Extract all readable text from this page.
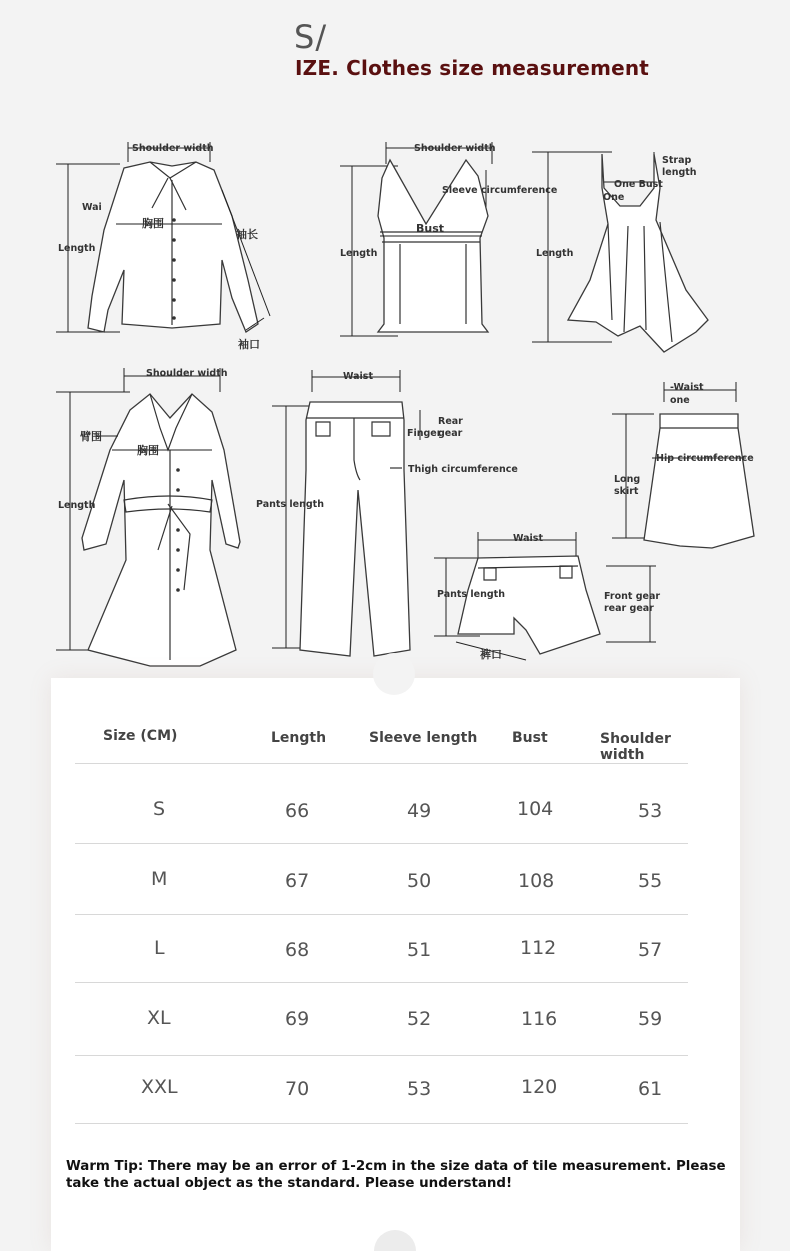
S/
IZE. Clothes size measurement
Shoulder width
Wai
胸围
袖长
Length
袖口
Shoulder width
Sleeve circumference
Bust
Length
Strap
length
One Bust
One
Length
Shoulder width
臂围
胸围
Length
Waist
Rear
gear
Finger
Thigh circumference
Pants length
-Waist
one
Hip circumference
Long
skirt
Waist
Pants length	Front gear
rear gear
裤口
Size (CM)	Length	Sleeve length Bust	Shoulder width
S	66	49	104	53
M	67	50	108	55
L	68	51	112	57
XL	69	52	116	59
XXL	70	53	120	61
Warm Tip: There may be an error of 1-2cm in the size data of tile measurement. Please take the actual object as the standard. Please understand!
